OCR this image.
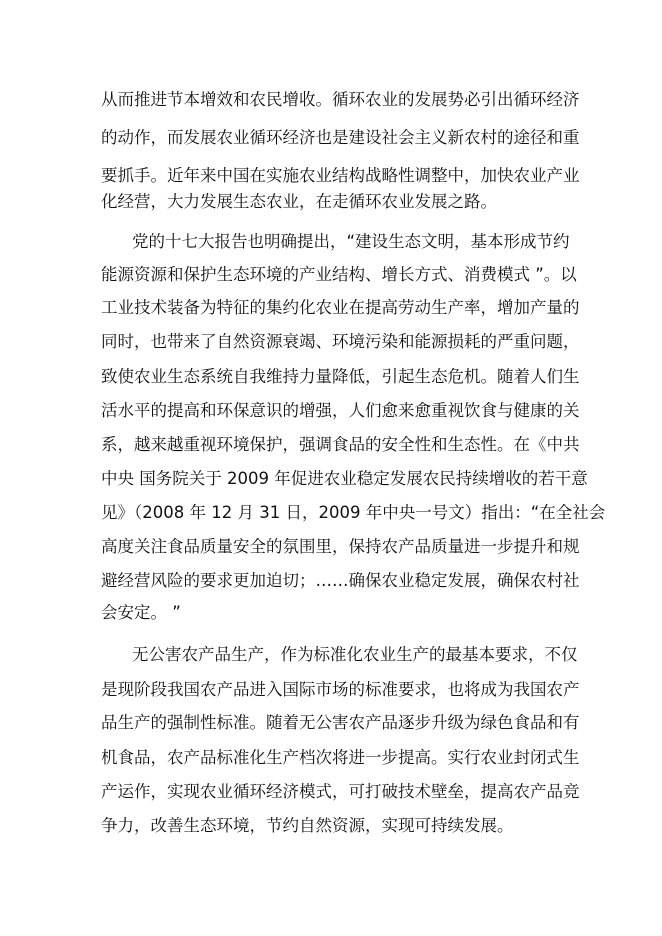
从而推进节本增效和农民增收。循环农业的发展势必引出循环经济
的动作，而发展农业循环经济也是建设社会主义新农村的途径和重
要抓手。近年来中国在实施农业结构战略性调整中，加快农业产业
化经营，大力发展生态农业，在走循环农业发展之路。
党的十七大报告也明确提出，“建设生态文明，基本形成节约
能源资源和保护生态环境的产业结构、增长方式、消费模式 ”。以
工业技术装备为特征的集约化农业在提高劳动生产率，增加产量的
同时，也带来了自然资源衰竭、环境污染和能源损耗的严重问题，
致使农业生态系统自我维持力量降低，引起生态危机。随着人们生
活水平的提高和环保意识的增强，人们愈来愈重视饮食与健康的关
系，越来越重视环境保护，强调食品的安全性和生态性。在《中共
中央 国务院关于 2009 年促进农业稳定发展农民持续增收的若干意
见》（2008 年 12 月 31 日，2009 年中央一号文）指出：“在全社会
高度关注食品质量安全的氛围里，保持农产品质量进一步提升和规
避经营风险的要求更加迫切；……确保农业稳定发展，确保农村社
会安定。 ”
无公害农产品生产，作为标准化农业生产的最基本要求，不仅
是现阶段我国农产品进入国际市场的标准要求，也将成为我国农产
品生产的强制性标准。随着无公害农产品逐步升级为绿色食品和有
机食品，农产品标准化生产档次将进一步提高。实行农业封闭式生
产运作，实现农业循环经济模式，可打破技术壁垒，提高农产品竞
争力，改善生态环境，节约自然资源，实现可持续发展。
